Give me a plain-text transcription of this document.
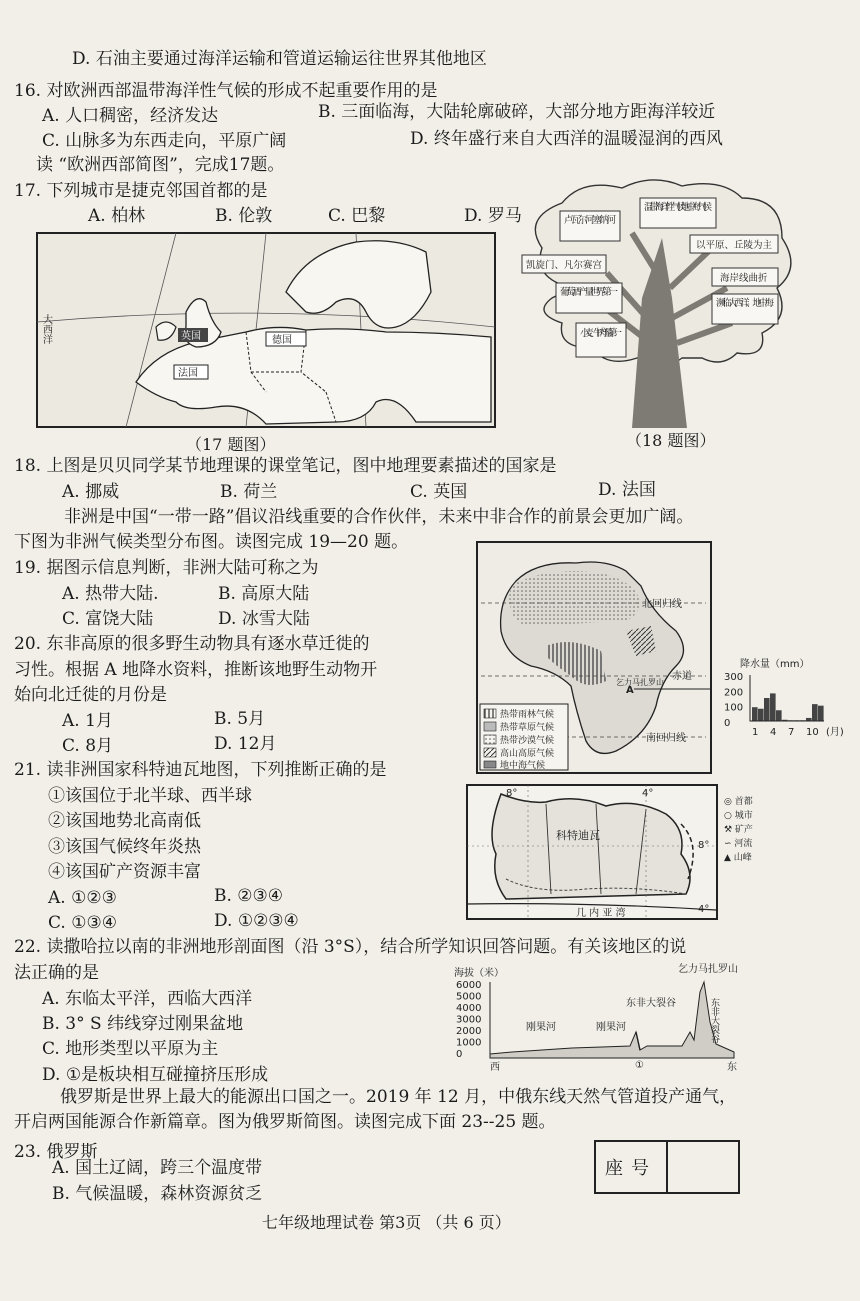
D. 石油主要通过海洋运输和管道运输运往世界其他地区
16. 对欧洲西部温带海洋性气候的形成不起重要作用的是
A. 人口稠密，经济发达	B. 三面临海，大陆轮廓破碎，大部分地方距海洋较近
C. 山脉多为东西走向，平原广阔	D. 终年盛行来自大西洋的温暖湿润的西风
读 “欧洲西部简图”，完成17题。
17. 下列城市是捷克邻国首都的是
A. 柏林	B. 伦敦	C. 巴黎	D. 罗马
英国	德国
法国
大西洋
卢瓦尔河 塞纳河
温带海洋性气候 地中海气候
以平原、丘陵为主
凯旋门、凡尔赛宫
海岸线曲折
葡萄酒产量 世界第一
濒临大西洋、地中海
小麦、牛肉 产量第一
（17 题图）	（18 题图）
18. 上图是贝贝同学某节地理课的课堂笔记，图中地理要素描述的国家是
A. 挪威	B. 荷兰	C. 英国	D. 法国
非洲是中国“一带一路”倡议沿线重要的合作伙伴，未来中非合作的前景会更加广阔。
下图为非洲气候类型分布图。读图完成 19—20 题。
19. 据图示信息判断，非洲大陆可称之为
A. 热带大陆.	B. 高原大陆
C. 富饶大陆	D. 冰雪大陆
20. 东非高原的很多野生动物具有逐水草迁徙的
习性。根据 A 地降水资料，推断该地野生动物开
始向北迁徙的月份是
A. 1月	B. 5月
C. 8月	D. 12月
北回归线
赤道
南回归线
A
乞力马扎罗山
热带雨林气候
热带草原气候
热带沙漠气候
高山高原气候
地中海气候
降水量（mm）
300
200
100
0
1 4 7 10 (月)
21. 读非洲国家科特迪瓦地图，下列推断正确的是
①该国位于北半球、西半球
②该国地势北高南低
③该国气候终年炎热
④该国矿产资源丰富
A. ①②③	B. ②③④
C. ①③④	D. ①②③④
科特迪瓦
8°	4°
8°
4°
几 内 亚 湾
◎ 首都
○ 城市
⚒ 矿产
∽ 河流
▲ 山峰
22. 读撒哈拉以南的非洲地形剖面图（沿 3°S），结合所学知识回答问题。有关该地区的说
法正确的是
A. 东临太平洋，西临大西洋
B. 3° S 纬线穿过刚果盆地
C. 地形类型以平原为主
D. ①是板块相互碰撞挤压形成
海拔（米）
6000
5000
4000
3000
2000
1000
0
刚果河	刚果河
东非大裂谷
乞力马扎罗山
①
西	东
东非大裂谷
俄罗斯是世界上最大的能源出口国之一。2019 年 12 月，中俄东线天然气管道投产通气，
开启两国能源合作新篇章。图为俄罗斯简图。读图完成下面 23--25 题。
23. 俄罗斯
A. 国土辽阔，跨三个温度带
B. 气候温暖，森林资源贫乏
座号
七年级地理试卷 第3页 （共 6 页）
